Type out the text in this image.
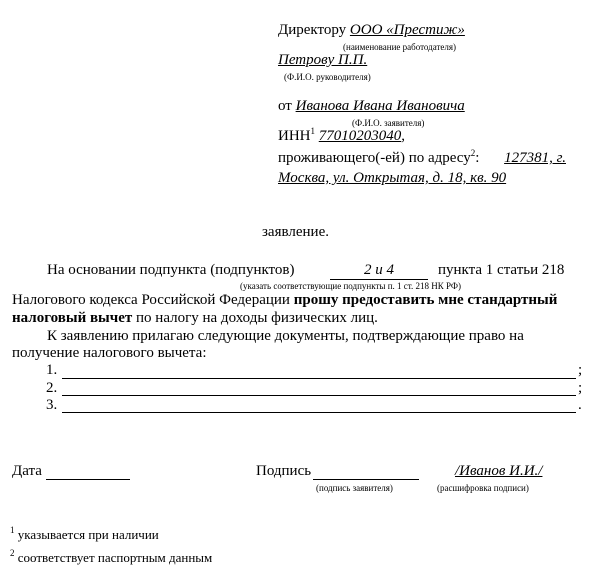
Директору ООО «Престиж»
(наименование работодателя)
Петрову П.П.
(Ф.И.О. руководителя)
от Иванова Ивана Ивановича
(Ф.И.О. заявителя)
ИНН$^1$ 77010203040,
проживающего(-ей) по адресу$^2$: 127381, г.
Москва, ул. Открытая, д. 18, кв. 90
заявление.
На основании подпункта (подпунктов)	2 и 4	пункта 1 статьи 218
(указать соответствующие подпункты п. 1 ст. 218 НК РФ)
Налогового кодекса Российской Федерации прошу предоставить мне стандартный
налоговый вычет по налогу на доходы физических лиц.
К заявлению прилагаю следующие документы, подтверждающие право на
получение налогового вычета:
1.	;
2.	;
3.	.
Дата	Подпись
(подпись заявителя)
/Иванов И.И./
(расшифровка подписи)
$^1$ указывается при наличии
$^2$ соответствует паспортным данным
